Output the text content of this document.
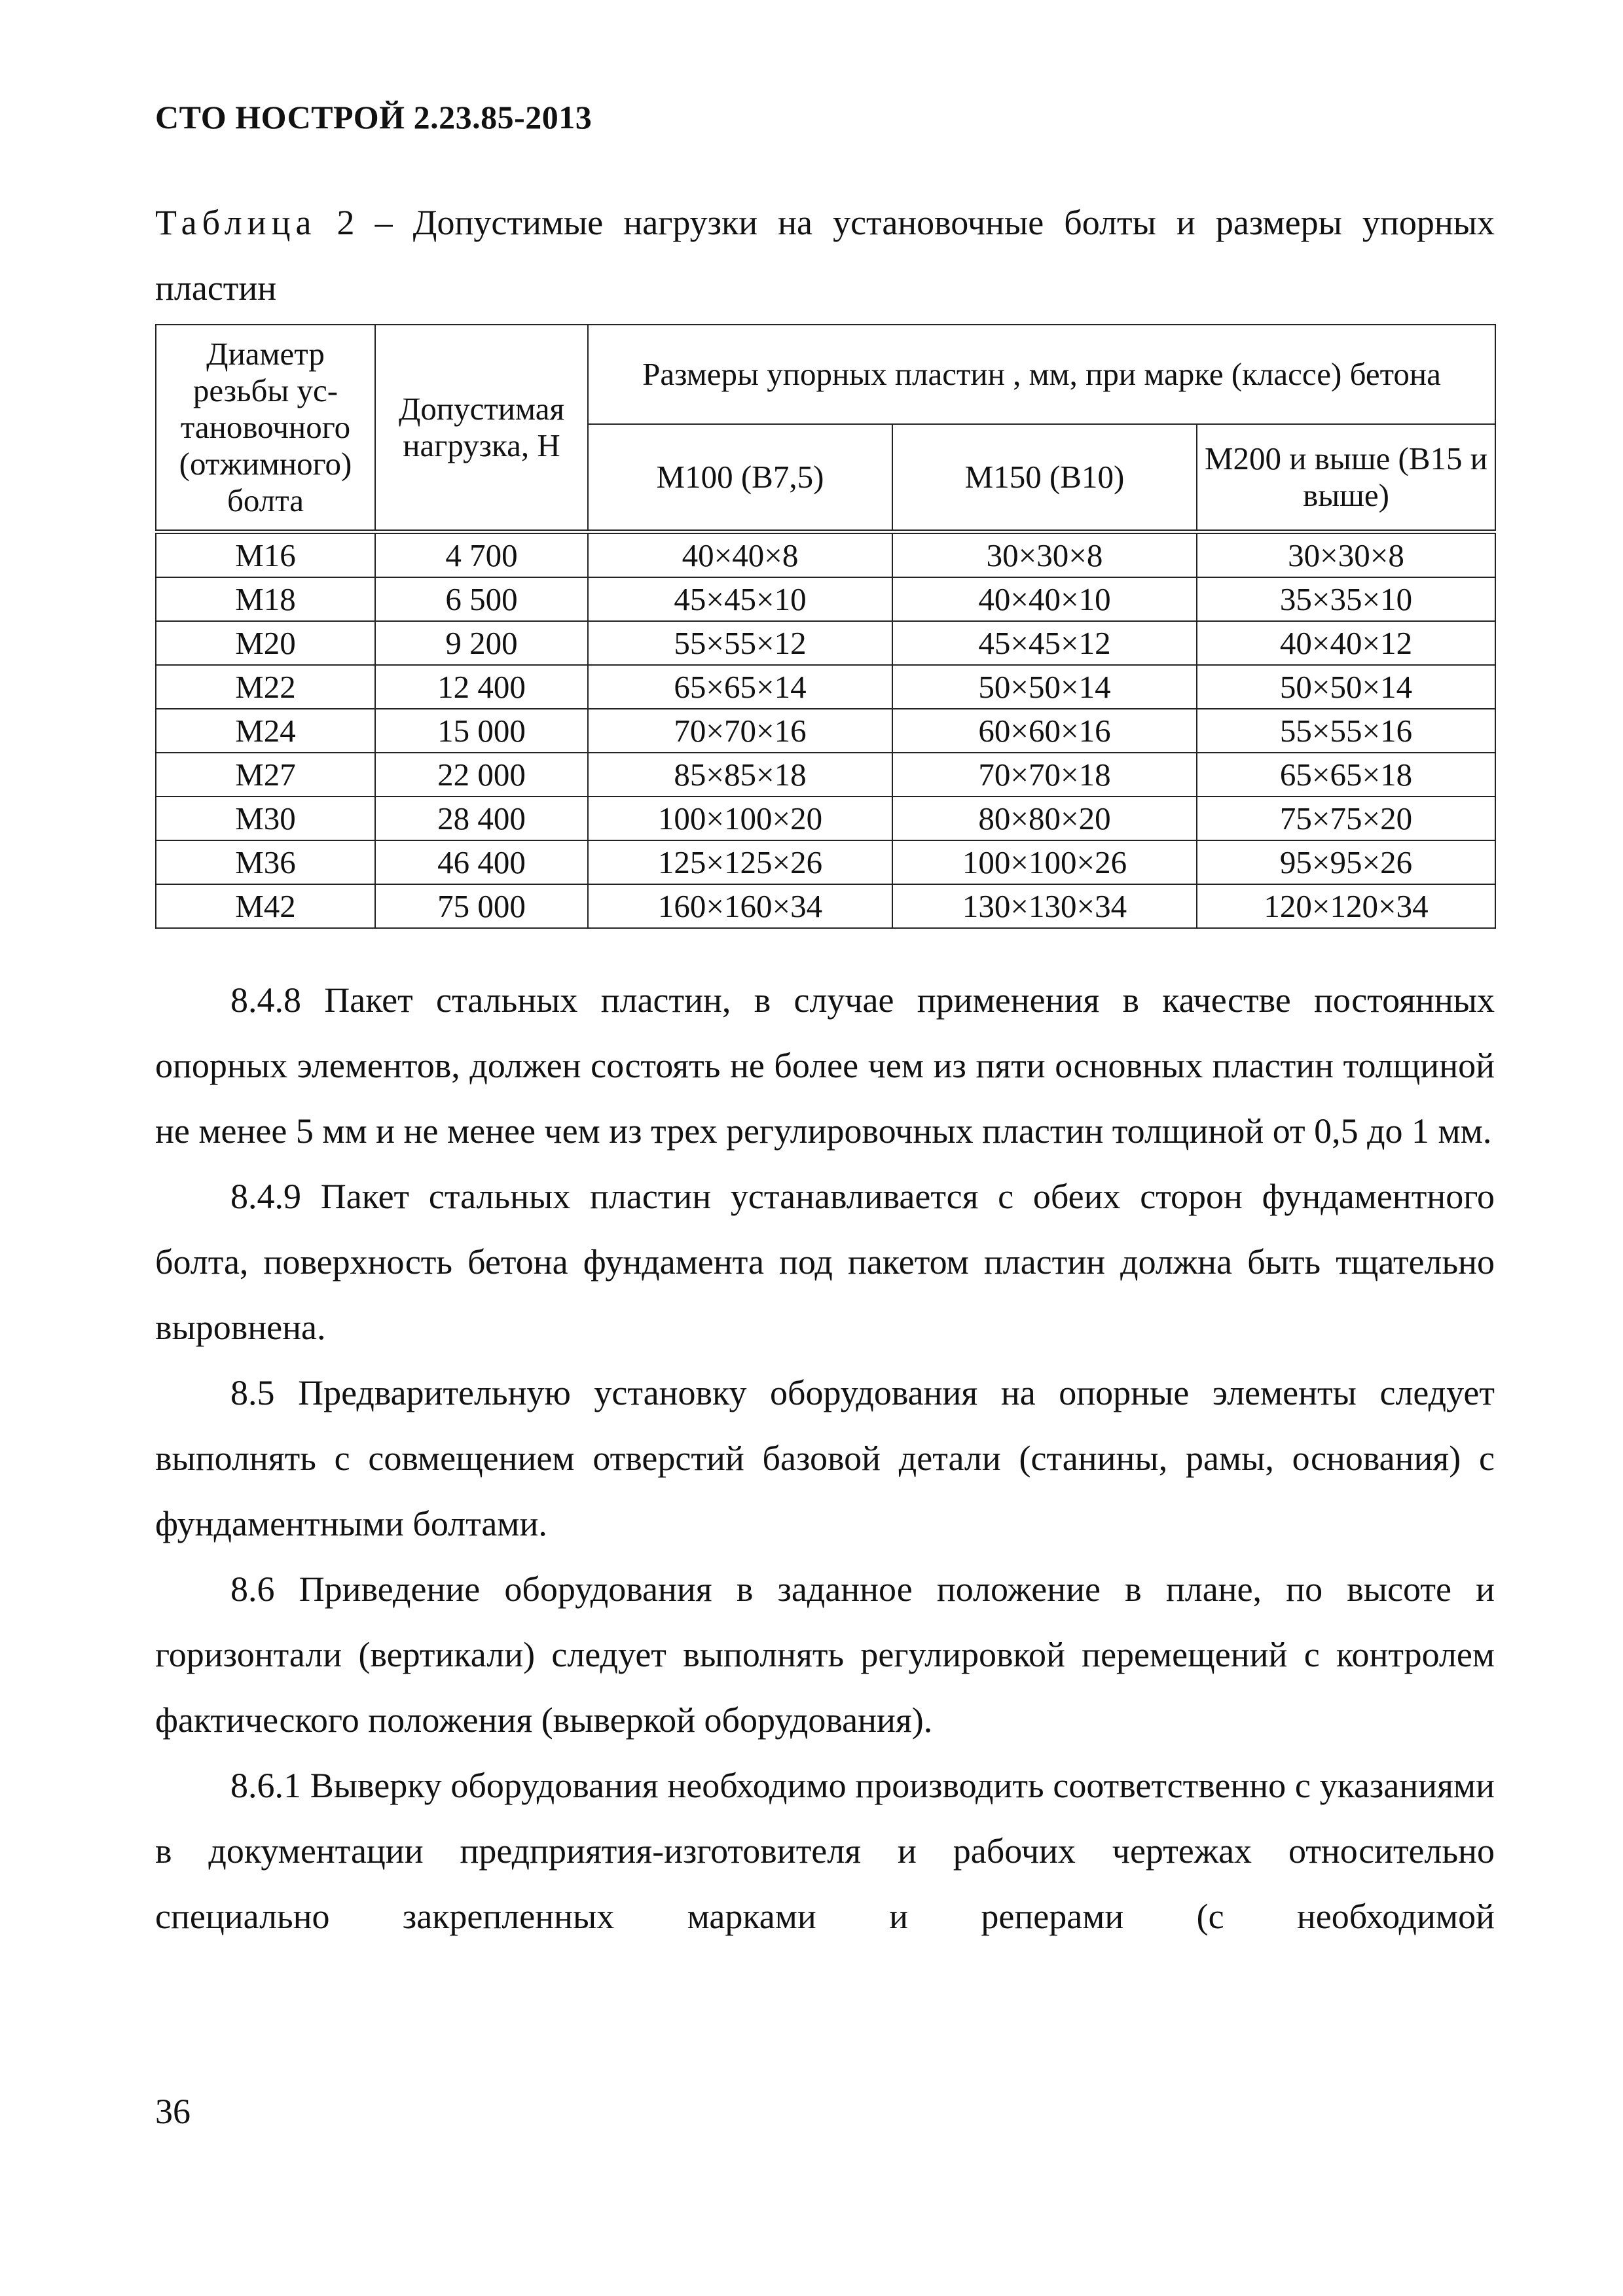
СТО НОСТРОЙ 2.23.85-2013
Таблица 2 – Допустимые нагрузки на установочные болты и размеры упорных пластин
Диаметр резьбы ус-тановочного (отжимного) болта	Допустимая нагрузка, Н	Размеры упорных пластин , мм, при марке (классе) бетона		
		М100 (В7,5)	М150 (В10)	М200 и выше (В15 и выше)
М16	4 700	40×40×8	30×30×8	30×30×8
М18	6 500	45×45×10	40×40×10	35×35×10
М20	9 200	55×55×12	45×45×12	40×40×12
М22	12 400	65×65×14	50×50×14	50×50×14
М24	15 000	70×70×16	60×60×16	55×55×16
М27	22 000	85×85×18	70×70×18	65×65×18
М30	28 400	100×100×20	80×80×20	75×75×20
М36	46 400	125×125×26	100×100×26	95×95×26
М42	75 000	160×160×34	130×130×34	120×120×34

8.4.8 Пакет стальных пластин, в случае применения в качестве постоянных опорных элементов, должен состоять не более чем из пяти основных пластин толщиной не менее 5 мм и не менее чем из трех регулировочных пластин толщиной от 0,5 до 1 мм.

8.4.9 Пакет стальных пластин устанавливается с обеих сторон фундаментного болта, поверхность бетона фундамента под пакетом пластин должна быть тщательно выровнена.

8.5 Предварительную установку оборудования на опорные элементы следует выполнять с совмещением отверстий базовой детали (станины, рамы, основания) с фундаментными болтами.

8.6 Приведение оборудования в заданное положение в плане, по высоте и горизонтали (вертикали) следует выполнять регулировкой перемещений с контролем фактического положения (выверкой оборудования).

8.6.1 Выверку оборудования необходимо производить соответственно с указаниями в документации предприятия-изготовителя и рабочих чертежах относительно специально закрепленных марками и реперами (с необходимой

36
